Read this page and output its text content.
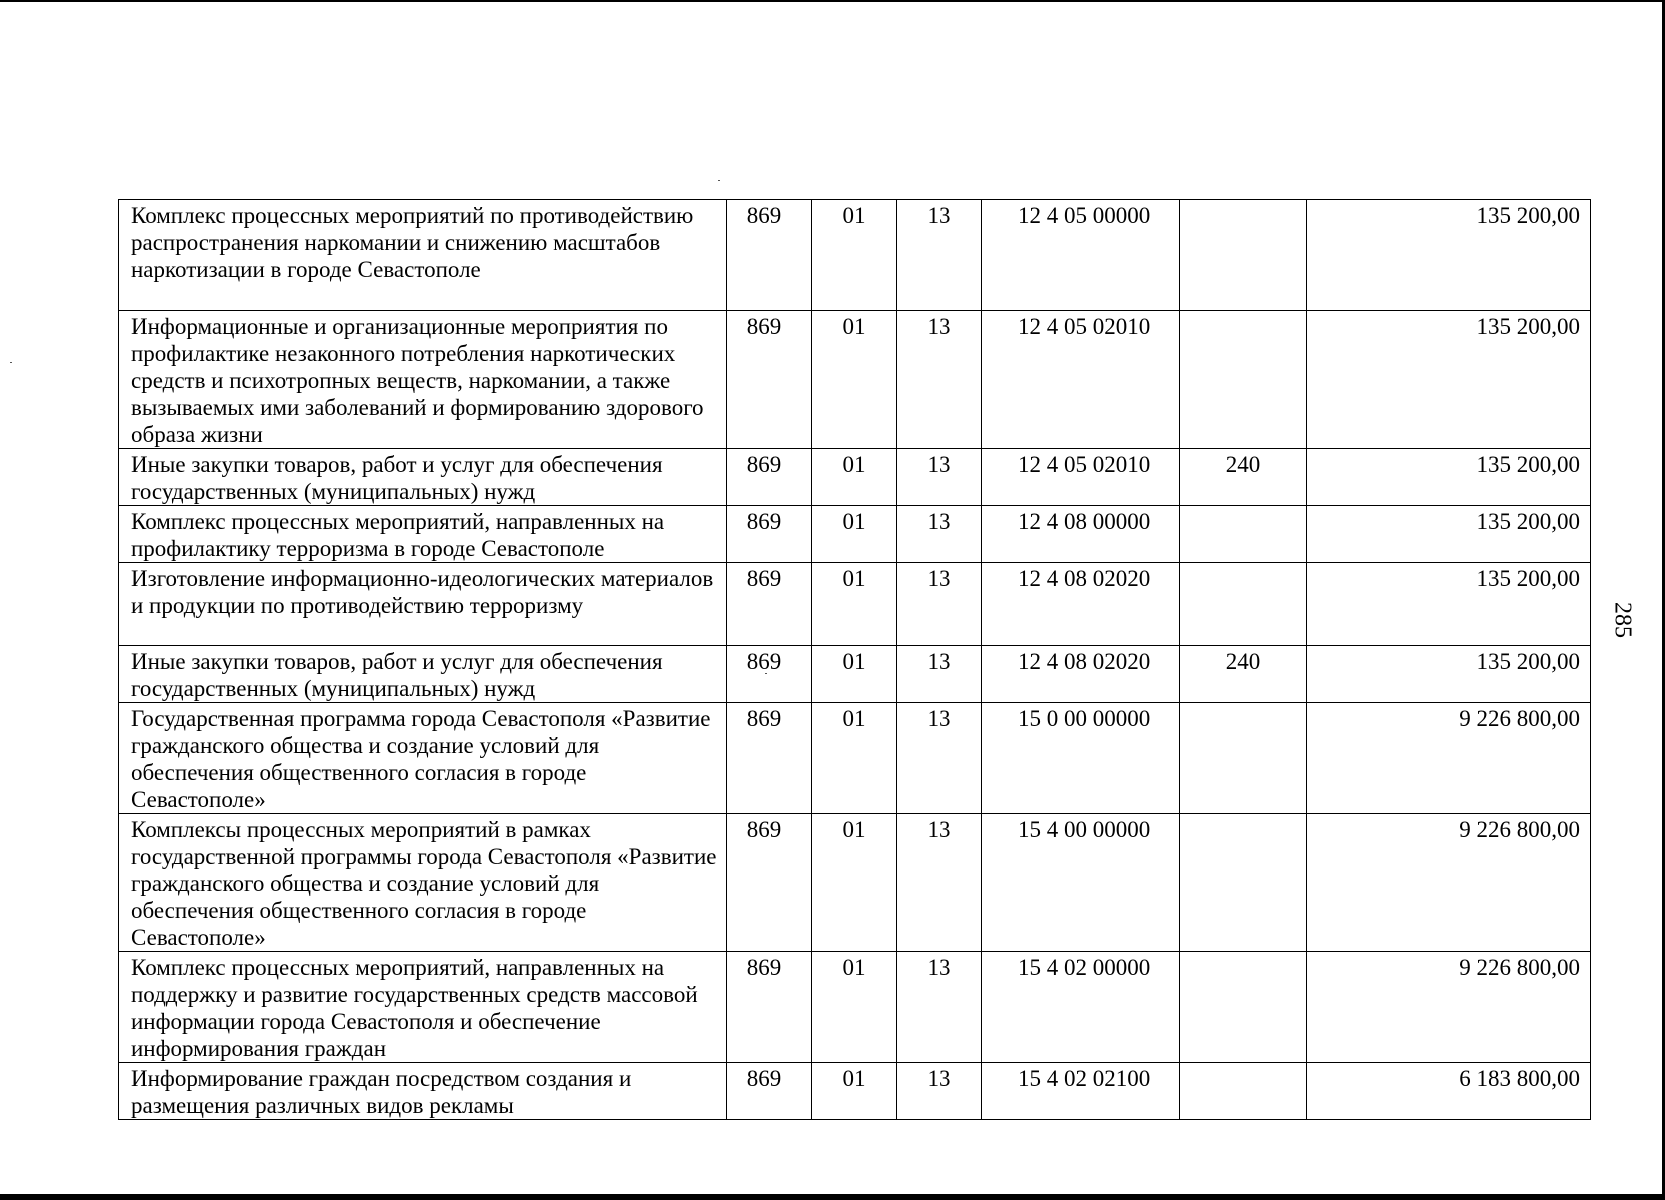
Комплекс процессных мероприятий по противодействию распространения наркомании и снижению масштабов наркотизации в городе Севастополе	869	01	13	12 4 05 00000		135 200,00
Информационные и организационные мероприятия по профилактике незаконного потребления наркотических средств и психотропных веществ, наркомании, а также вызываемых ими заболеваний и формированию здорового образа жизни	869	01	13	12 4 05 02010		135 200,00
Иные закупки товаров, работ и услуг для обеспечения государственных (муниципальных) нужд	869	01	13	12 4 05 02010	240	135 200,00
Комплекс процессных мероприятий, направленных на профилактику терроризма в городе Севастополе	869	01	13	12 4 08 00000		135 200,00
Изготовление информационно-идеологических материалов и продукции по противодействию терроризму	869	01	13	12 4 08 02020		135 200,00
Иные закупки товаров, работ и услуг для обеспечения государственных (муниципальных) нужд	869	01	13	12 4 08 02020	240	135 200,00
Государственная программа города Севастополя «Развитие гражданского общества и создание условий для обеспечения общественного согласия в городе Севастополе»	869	01	13	15 0 00 00000		9 226 800,00
Комплексы процессных мероприятий в рамках государственной программы города Севастополя «Развитие гражданского общества и создание условий для обеспечения общественного согласия в городе Севастополе»	869	01	13	15 4 00 00000		9 226 800,00
Комплекс процессных мероприятий, направленных на поддержку и развитие государственных средств массовой информации города Севастополя и обеспечение информирования граждан	869	01	13	15 4 02 00000		9 226 800,00
Информирование граждан посредством создания и размещения различных видов рекламы	869	01	13	15 4 02 02100		6 183 800,00
285
